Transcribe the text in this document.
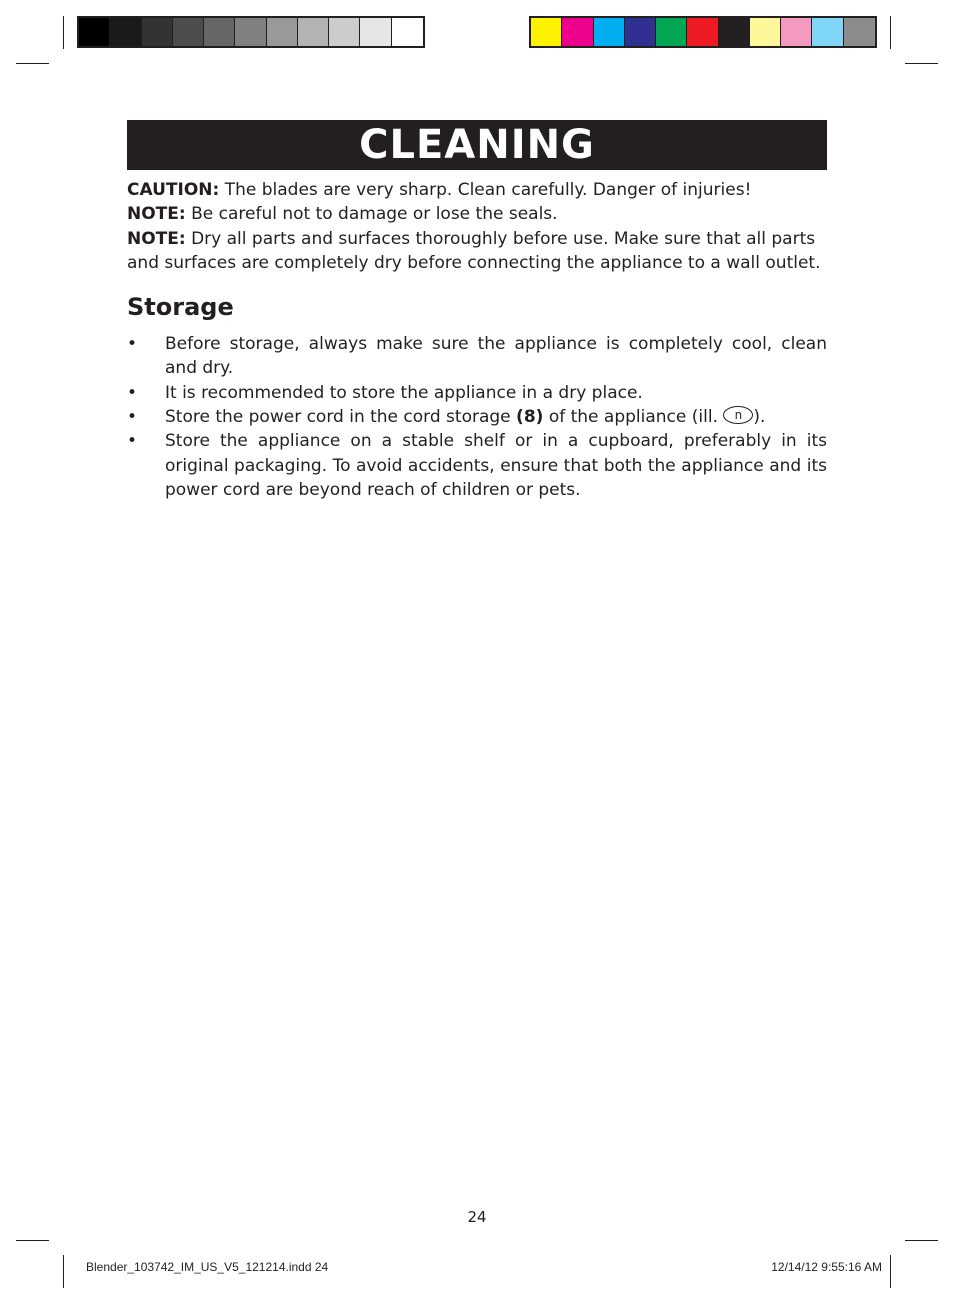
CLEANING

CAUTION: The blades are very sharp. Clean carefully. Danger of injuries!

NOTE: Be careful not to damage or lose the seals.

NOTE: Dry all parts and surfaces thoroughly before use. Make sure that all parts and surfaces are completely dry before connecting the appliance to a wall outlet.

Storage
• Before storage, always make sure the appliance is completely cool, clean and dry.
• It is recommended to store the appliance in a dry place.
• Store the power cord in the cord storage (8) of the appliance (ill. n ).
• Store the appliance on a stable shelf or in a cupboard, preferably in its original packaging. To avoid accidents, ensure that both the appliance and its power cord are beyond reach of children or pets.
24
Blender_103742_IM_US_V5_121214.indd 24	12/14/12 9:55:16 AM
